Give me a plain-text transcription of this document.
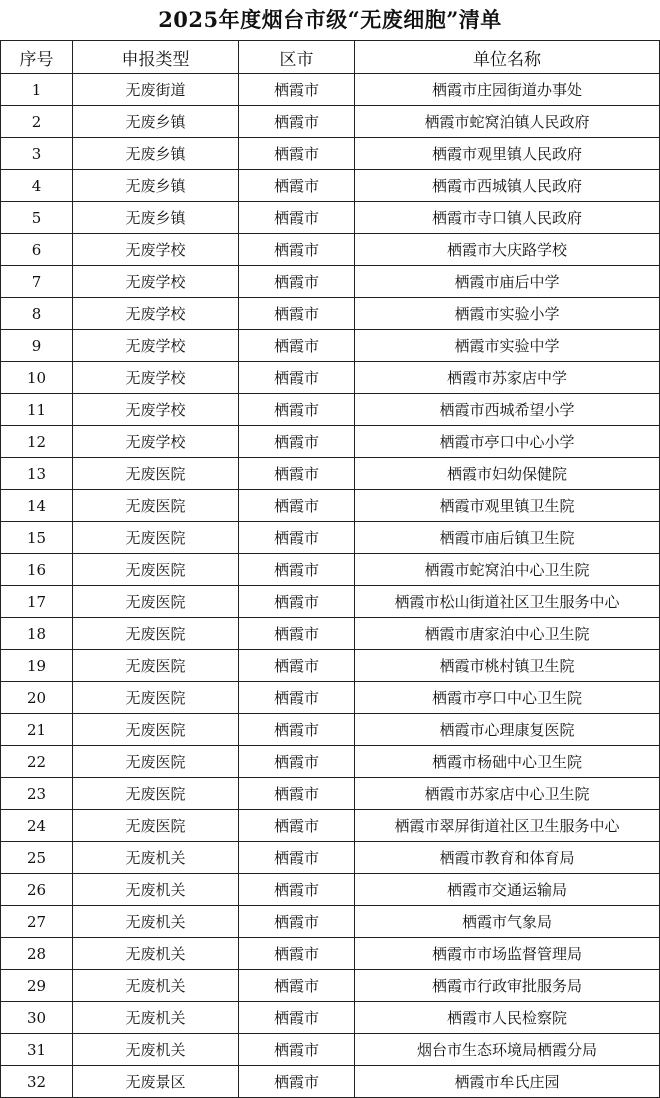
2025年度烟台市级“无废细胞”清单
序号	申报类型	区市	单位名称
1	无废街道	栖霞市	栖霞市庄园街道办事处
2	无废乡镇	栖霞市	栖霞市蛇窝泊镇人民政府
3	无废乡镇	栖霞市	栖霞市观里镇人民政府
4	无废乡镇	栖霞市	栖霞市西城镇人民政府
5	无废乡镇	栖霞市	栖霞市寺口镇人民政府
6	无废学校	栖霞市	栖霞市大庆路学校
7	无废学校	栖霞市	栖霞市庙后中学
8	无废学校	栖霞市	栖霞市实验小学
9	无废学校	栖霞市	栖霞市实验中学
10	无废学校	栖霞市	栖霞市苏家店中学
11	无废学校	栖霞市	栖霞市西城希望小学
12	无废学校	栖霞市	栖霞市亭口中心小学
13	无废医院	栖霞市	栖霞市妇幼保健院
14	无废医院	栖霞市	栖霞市观里镇卫生院
15	无废医院	栖霞市	栖霞市庙后镇卫生院
16	无废医院	栖霞市	栖霞市蛇窝泊中心卫生院
17	无废医院	栖霞市	栖霞市松山街道社区卫生服务中心
18	无废医院	栖霞市	栖霞市唐家泊中心卫生院
19	无废医院	栖霞市	栖霞市桃村镇卫生院
20	无废医院	栖霞市	栖霞市亭口中心卫生院
21	无废医院	栖霞市	栖霞市心理康复医院
22	无废医院	栖霞市	栖霞市杨础中心卫生院
23	无废医院	栖霞市	栖霞市苏家店中心卫生院
24	无废医院	栖霞市	栖霞市翠屏街道社区卫生服务中心
25	无废机关	栖霞市	栖霞市教育和体育局
26	无废机关	栖霞市	栖霞市交通运输局
27	无废机关	栖霞市	栖霞市气象局
28	无废机关	栖霞市	栖霞市市场监督管理局
29	无废机关	栖霞市	栖霞市行政审批服务局
30	无废机关	栖霞市	栖霞市人民检察院
31	无废机关	栖霞市	烟台市生态环境局栖霞分局
32	无废景区	栖霞市	栖霞市牟氏庄园
